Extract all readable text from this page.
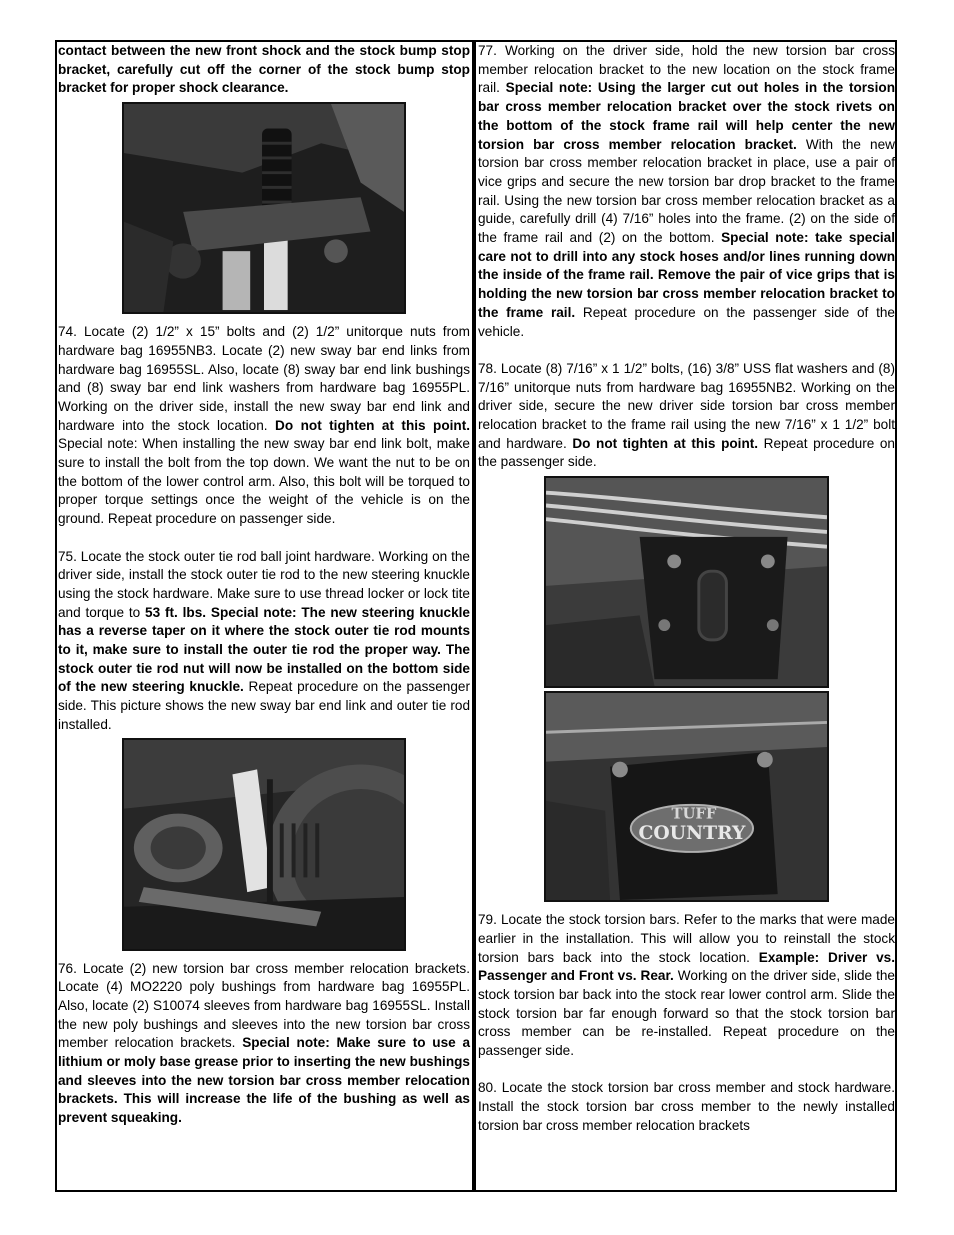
contact between the new front shock and the stock bump stop bracket, carefully cut off the corner of the stock bump stop bracket for proper shock clearance.

74. Locate (2) 1/2” x 15” bolts and (2) 1/2” unitorque nuts from hardware bag 16955NB3. Locate (2) new sway bar end links from hardware bag 16955SL. Also, locate (8) sway bar end link bushings and (8) sway bar end link washers from hardware bag 16955PL. Working on the driver side, install the new sway bar end link and hardware into the stock location. Do not tighten at this point. Special note: When installing the new sway bar end link bolt, make sure to install the bolt from the top down. We want the nut to be on the bottom of the lower control arm. Also, this bolt will be torqued to proper torque settings once the weight of the vehicle is on the ground. Repeat procedure on passenger side.

75. Locate the stock outer tie rod ball joint hardware. Working on the driver side, install the stock outer tie rod to the new steering knuckle using the stock hardware. Make sure to use thread locker or lock tite and torque to 53 ft. lbs. Special note: The new steering knuckle has a reverse taper on it where the stock outer tie rod mounts to it, make sure to install the outer tie rod the proper way. The stock outer tie rod nut will now be installed on the bottom side of the new steering knuckle. Repeat procedure on the passenger side. This picture shows the new sway bar end link and outer tie rod installed.

76. Locate (2) new torsion bar cross member relocation brackets. Locate (4) MO2220 poly bushings from hardware bag 16955PL. Also, locate (2) S10074 sleeves from hardware bag 16955SL. Install the new poly bushings and sleeves into the new torsion bar cross member relocation brackets. Special note: Make sure to use a lithium or moly base grease prior to inserting the new bushings and sleeves into the new torsion bar cross member relocation brackets. This will increase the life of the bushing as well as prevent squeaking.

77. Working on the driver side, hold the new torsion bar cross member relocation bracket to the new location on the stock frame rail. Special note: Using the larger cut out holes in the torsion bar cross member relocation bracket over the stock rivets on the bottom of the stock frame rail will help center the new torsion bar cross member relocation bracket. With the new torsion bar cross member relocation bracket in place, use a pair of vice grips and secure the new torsion bar drop bracket to the frame rail. Using the new torsion bar cross member relocation bracket as a guide, carefully drill (4) 7/16” holes into the frame. (2) on the side of the frame rail and (2) on the bottom. Special note: take special care not to drill into any stock hoses and/or lines running down the inside of the frame rail. Remove the pair of vice grips that is holding the new torsion bar cross member relocation bracket to the frame rail. Repeat procedure on the passenger side of the vehicle.

78. Locate (8) 7/16” x 1 1/2” bolts, (16) 3/8” USS flat washers and (8) 7/16” unitorque nuts from hardware bag 16955NB2. Working on the driver side, secure the new driver side torsion bar cross member relocation bracket to the frame rail using the new 7/16” x 1 1/2” bolt and hardware. Do not tighten at this point. Repeat procedure on the passenger side.

TUFF
COUNTRY

79. Locate the stock torsion bars. Refer to the marks that were made earlier in the installation. This will allow you to reinstall the stock torsion bars back into the stock location. Example: Driver vs. Passenger and Front vs. Rear. Working on the driver side, slide the stock torsion bar back into the stock rear lower control arm. Slide the stock torsion bar far enough forward so that the stock torsion bar cross member can be re-installed. Repeat procedure on the passenger side.

80. Locate the stock torsion bar cross member and stock hardware. Install the stock torsion bar cross member to the newly installed torsion bar cross member relocation brackets
